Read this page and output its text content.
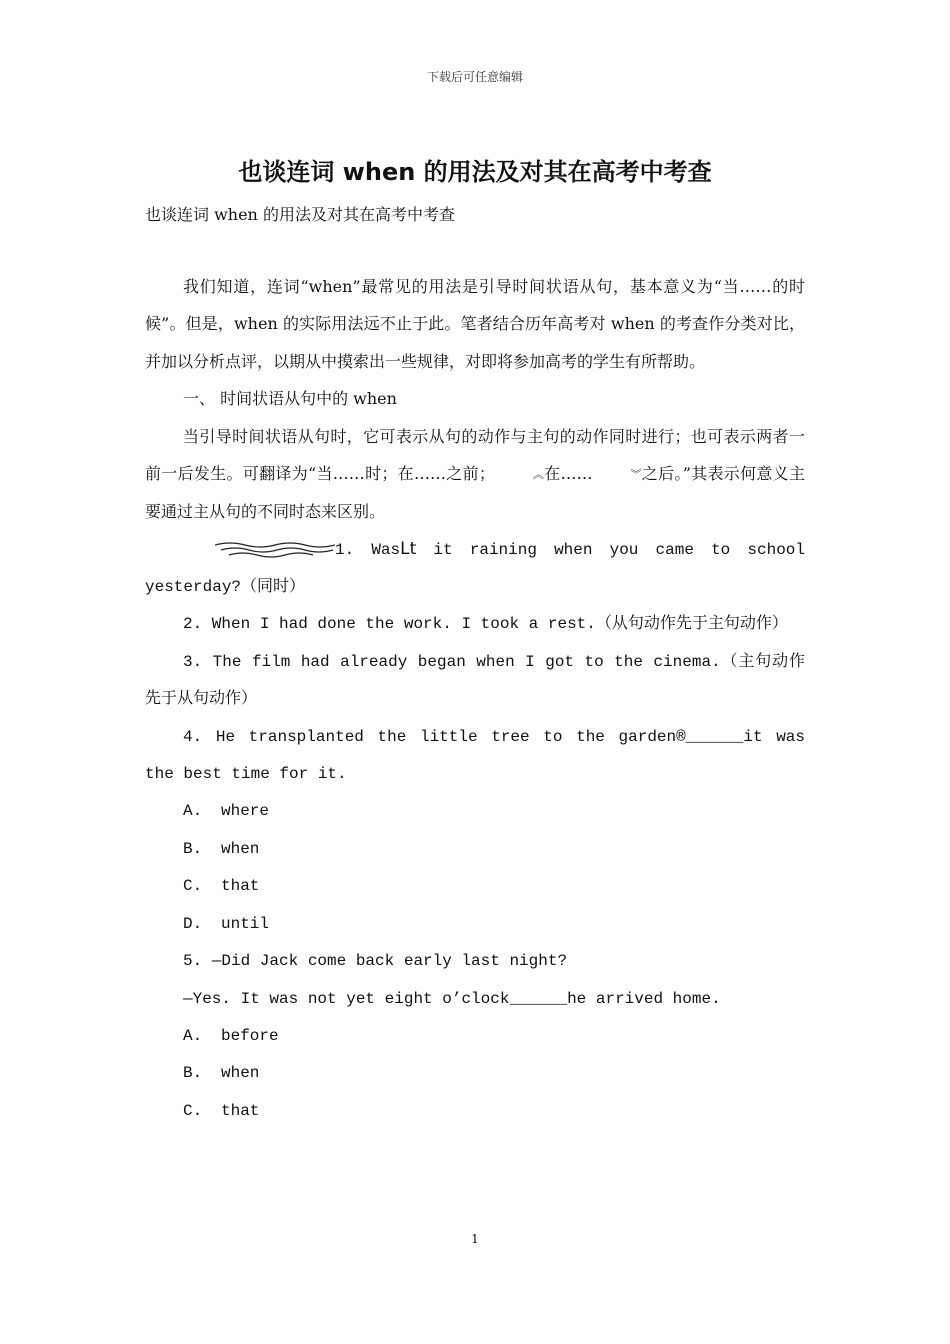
下载后可任意编辑
也谈连词 when 的用法及对其在高考中考查
也谈连词 when 的用法及对其在高考中考查

我们知道，连词“when”最常见的用法是引导时间状语从句，基本意义为“当……的时候”。但是，when 的实际用法远不止于此。笔者结合历年高考对 when 的考查作分类对比，并加以分析点评，以期从中摸索出一些规律，对即将参加高考的学生有所帮助。

一、 时间状语从句中的 when

当引导时间状语从句时，它可表示从句的动作与主句的动作同时进行；也可表示两者一前一后发生。可翻译为“当……时；在……之前；	︽在……	︾之后。”其表示何意义主要通过主从句的不同时态来区别。

1. WasLt it raining when you came to school

yesterday?（同时）

2. When I had done the work. I took a rest.（从句动作先于主句动作）

3. The film had already began when I got to the cinema.（主句动作先于从句动作）

4. He transplanted the little tree to the garden®______it was the best time for it.

A. where

B. when

C. that

D. until

5. —Did Jack come back early last night?

—Yes. It was not yet eight o’clock______he arrived home.

A. before

B. when

C. that

1
